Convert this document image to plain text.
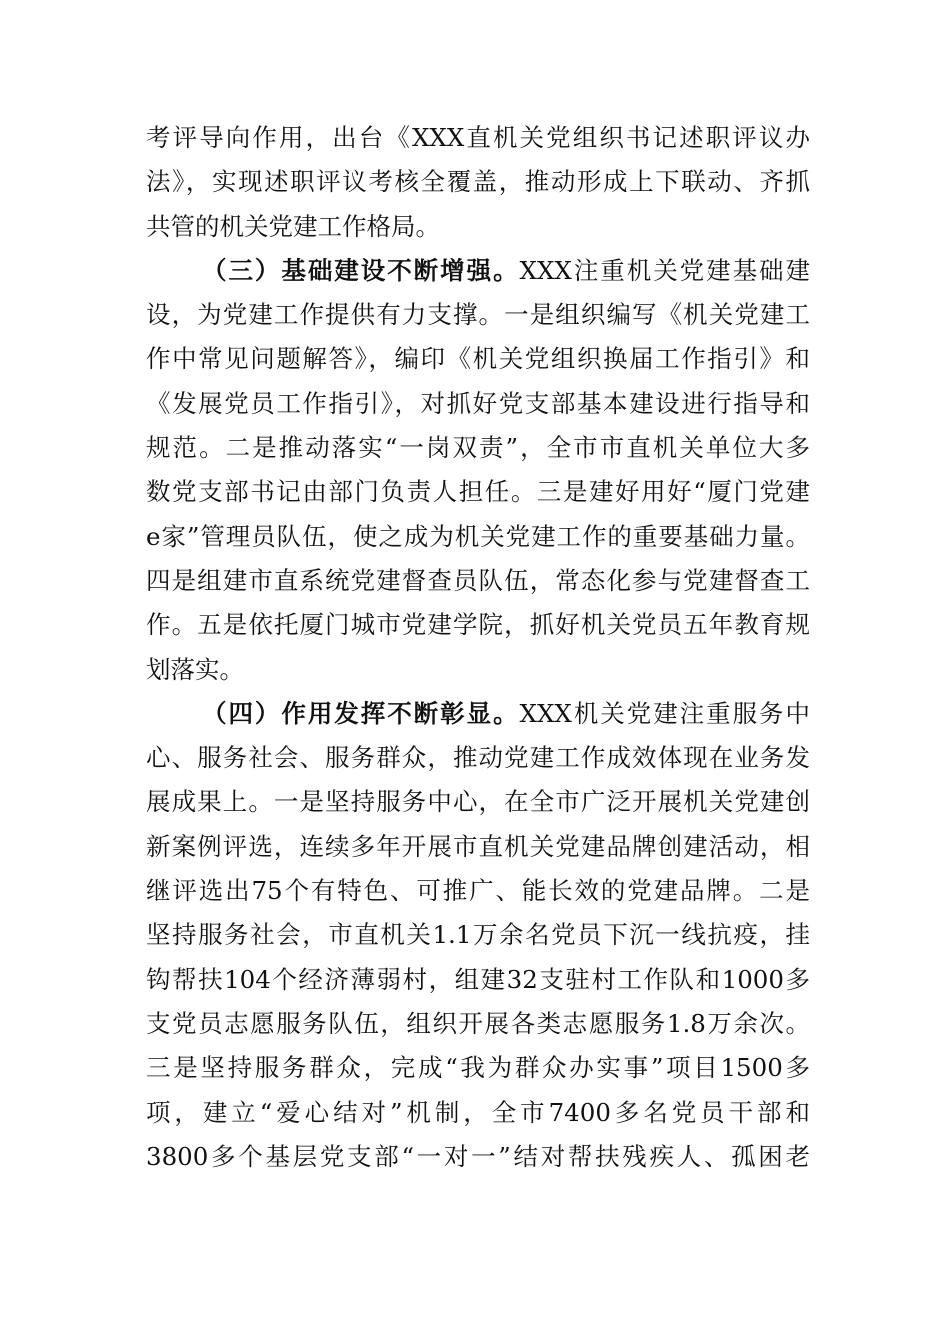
考评导向作用，出台《XXX直机关党组织书记述职评议办
法》，实现述职评议考核全覆盖，推动形成上下联动、齐抓
共管的机关党建工作格局。
（三）基础建设不断增强。XXX注重机关党建基础建
设，为党建工作提供有力支撑。一是组织编写《机关党建工
作中常见问题解答》，编印《机关党组织换届工作指引》和
《发展党员工作指引》，对抓好党支部基本建设进行指导和
规范。二是推动落实“一岗双责”，全市市直机关单位大多
数党支部书记由部门负责人担任。三是建好用好“厦门党建
e家”管理员队伍，使之成为机关党建工作的重要基础力量。
四是组建市直系统党建督查员队伍，常态化参与党建督查工
作。五是依托厦门城市党建学院，抓好机关党员五年教育规
划落实。
（四）作用发挥不断彰显。XXX机关党建注重服务中
心、服务社会、服务群众，推动党建工作成效体现在业务发
展成果上。一是坚持服务中心，在全市广泛开展机关党建创
新案例评选，连续多年开展市直机关党建品牌创建活动，相
继评选出75个有特色、可推广、能长效的党建品牌。二是
坚持服务社会，市直机关1.1万余名党员下沉一线抗疫，挂
钩帮扶104个经济薄弱村，组建32支驻村工作队和1000多
支党员志愿服务队伍，组织开展各类志愿服务1.8万余次。
三是坚持服务群众，完成“我为群众办实事”项目1500多
项，建立“爱心结对”机制，全市7400多名党员干部和
3800多个基层党支部“一对一”结对帮扶残疾人、孤困老
